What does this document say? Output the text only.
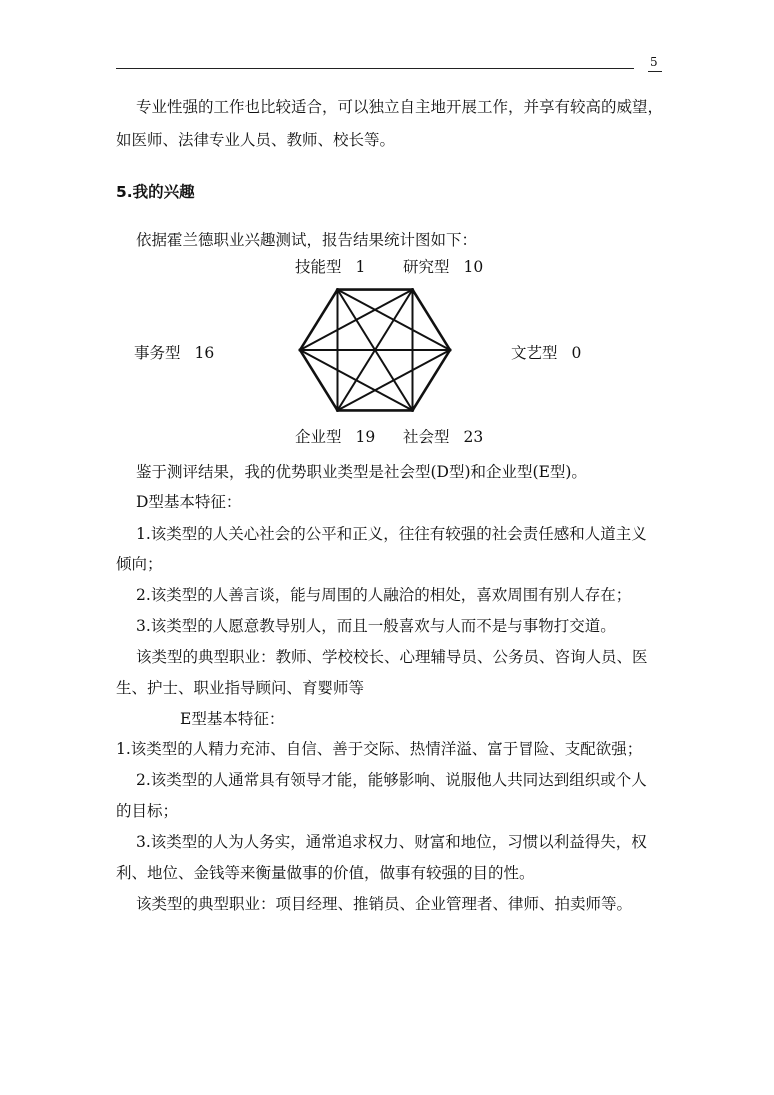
5
专业性强的工作也比较适合，可以独立自主地开展工作，并享有较高的威望，
如医师、法律专业人员、教师、校长等。
5.我的兴趣
依据霍兰德职业兴趣测试，报告结果统计图如下：
技能型 1 研究型 10
文艺型 0
社会型 23
企业型 19
事务型 16
鉴于测评结果，我的优势职业类型是社会型(D型)和企业型(E型)。
D型基本特征：
1.该类型的人关心社会的公平和正义，往往有较强的社会责任感和人道主义
倾向；
2.该类型的人善言谈，能与周围的人融洽的相处，喜欢周围有别人存在；
3.该类型的人愿意教导别人，而且一般喜欢与人而不是与事物打交道。
该类型的典型职业：教师、学校校长、心理辅导员、公务员、咨询人员、医
生、护士、职业指导顾问、育婴师等
E型基本特征：
1.该类型的人精力充沛、自信、善于交际、热情洋溢、富于冒险、支配欲强；
2.该类型的人通常具有领导才能，能够影响、说服他人共同达到组织或个人
的目标；
3.该类型的人为人务实，通常追求权力、财富和地位，习惯以利益得失，权
利、地位、金钱等来衡量做事的价值，做事有较强的目的性。
该类型的典型职业：项目经理、推销员、企业管理者、律师、拍卖师等。
